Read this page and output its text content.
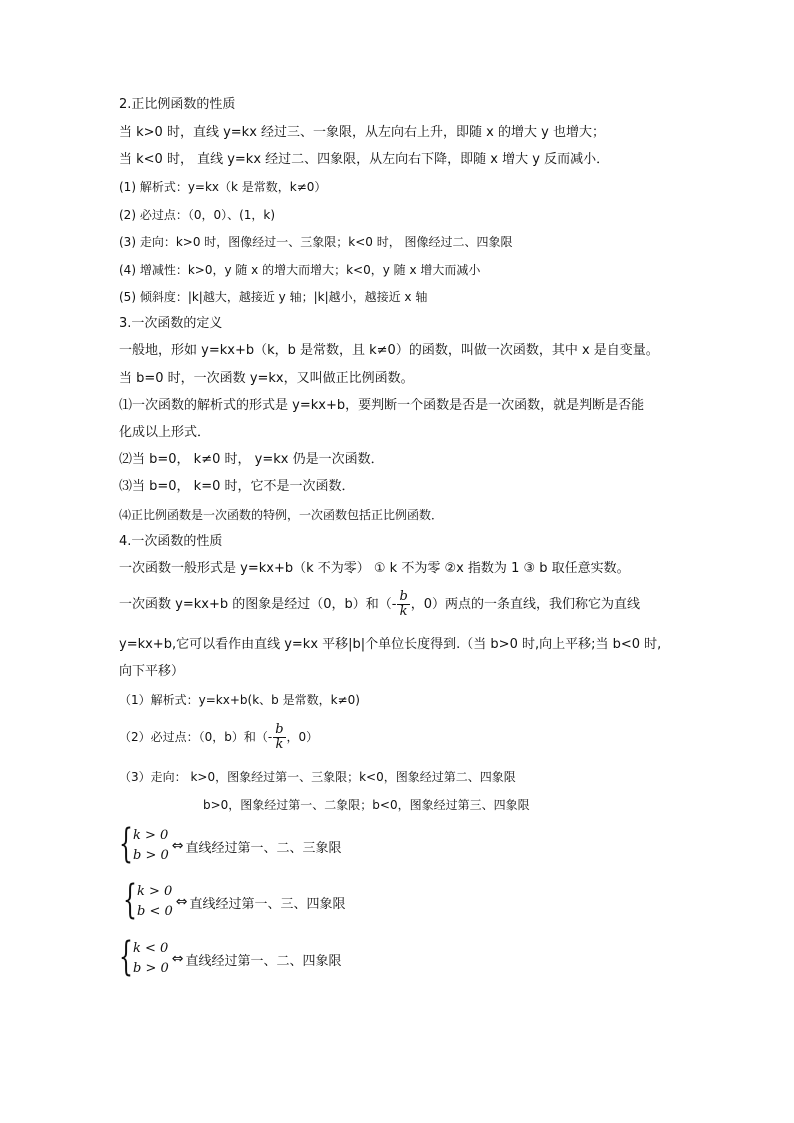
2.正比例函数的性质
当 k>0 时，直线 y=kx 经过三、一象限，从左向右上升，即随 x 的增大 y 也增大；
当 k<0 时， 直线 y=kx 经过二、四象限，从左向右下降，即随 x 增大 y 反而减小．
(1) 解析式：y=kx（k 是常数，k≠0）
(2) 必过点：（0，0）、(1，k)
(3) 走向：k>0 时，图像经过一、三象限；k<0 时， 图像经过二、四象限
(4) 增减性：k>0，y 随 x 的增大而增大；k<0，y 随 x 增大而减小
(5) 倾斜度：|k|越大，越接近 y 轴；|k|越小，越接近 x 轴
3.一次函数的定义
一般地，形如 y=kx+b（k，b 是常数，且 k≠0）的函数，叫做一次函数，其中 x 是自变量。
当 b=0 时，一次函数 y=kx，又叫做正比例函数。
⑴一次函数的解析式的形式是 y=kx+b，要判断一个函数是否是一次函数，就是判断是否能
化成以上形式．
⑵当 b=0， k≠0 时， y=kx 仍是一次函数．
⑶当 b=0， k=0 时，它不是一次函数．
⑷正比例函数是一次函数的特例，一次函数包括正比例函数．
4.一次函数的性质
一次函数一般形式是 y=kx+b（k 不为零） ① k 不为零 ②x 指数为 1 ③ b 取任意实数。
一次函数 y=kx+b 的图象是经过（0，b）和（- $\frac{b}{k}$ ，0）两点的一条直线，我们称它为直线
y=kx+b,它可以看作由直线 y=kx 平移|b|个单位长度得到.（当 b>0 时,向上平移;当 b<0 时,
向下平移）
（1）解析式：y=kx+b(k、b 是常数，k≠0)
（2）必过点：（0，b）和（- $\frac{b}{k}$ ，0）
（3）走向： k>0，图象经过第一、三象限；k<0，图象经过第二、四象限
b>0，图象经过第一、二象限；b<0，图象经过第三、四象限
{ k > 0
b > 0
⇔ 直线经过第一、二、三象限
{ k > 0
b < 0
⇔ 直线经过第一、三、四象限
{ k < 0
b > 0
⇔ 直线经过第一、二、四象限
